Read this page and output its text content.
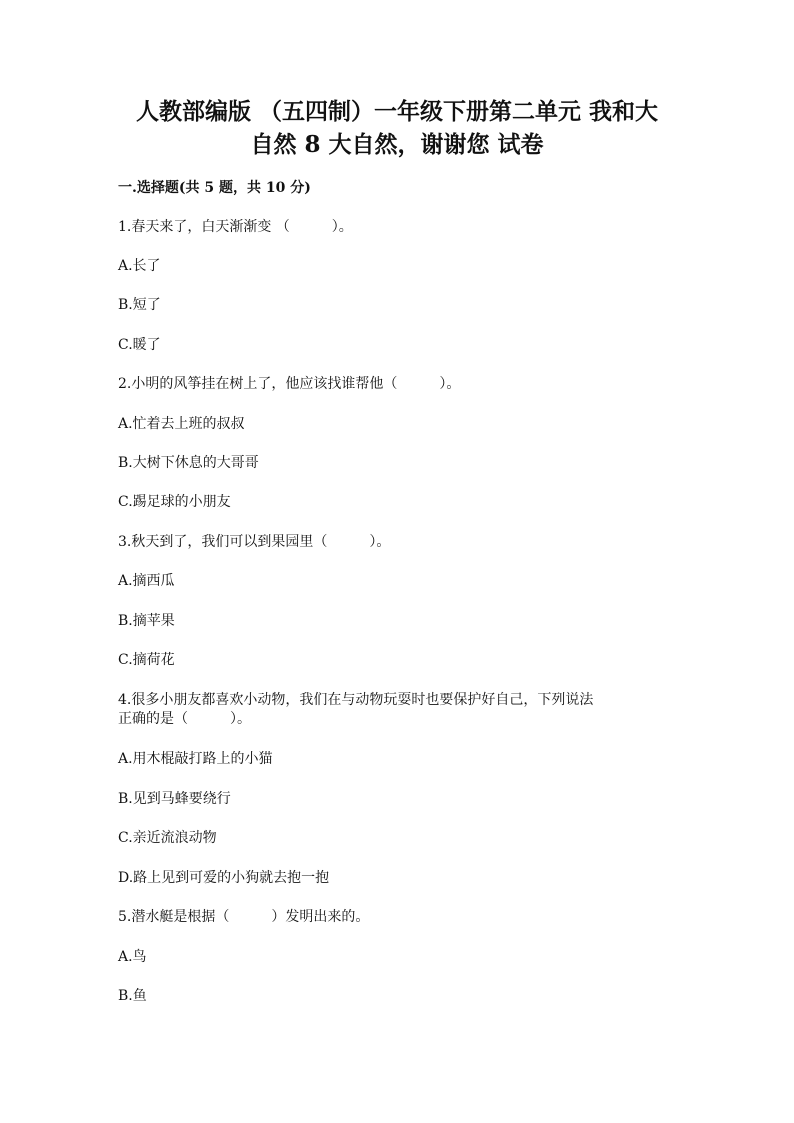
人教部编版 （五四制）一年级下册第二单元 我和大
自然 8 大自然，谢谢您 试卷
一.选择题(共 5 题，共 10 分)
1.春天来了，白天渐渐变 （　　　）。
A.长了
B.短了
C.暖了
2.小明的风筝挂在树上了，他应该找谁帮他（　　　）。
A.忙着去上班的叔叔
B.大树下休息的大哥哥
C.踢足球的小朋友
3.秋天到了，我们可以到果园里（　　　）。
A.摘西瓜
B.摘苹果
C.摘荷花
4.很多小朋友都喜欢小动物，我们在与动物玩耍时也要保护好自己，下列说法
正确的是（　　　）。
A.用木棍敲打路上的小猫
B.见到马蜂要绕行
C.亲近流浪动物
D.路上见到可爱的小狗就去抱一抱
5.潜水艇是根据（　　　）发明出来的。
A.鸟
B.鱼
